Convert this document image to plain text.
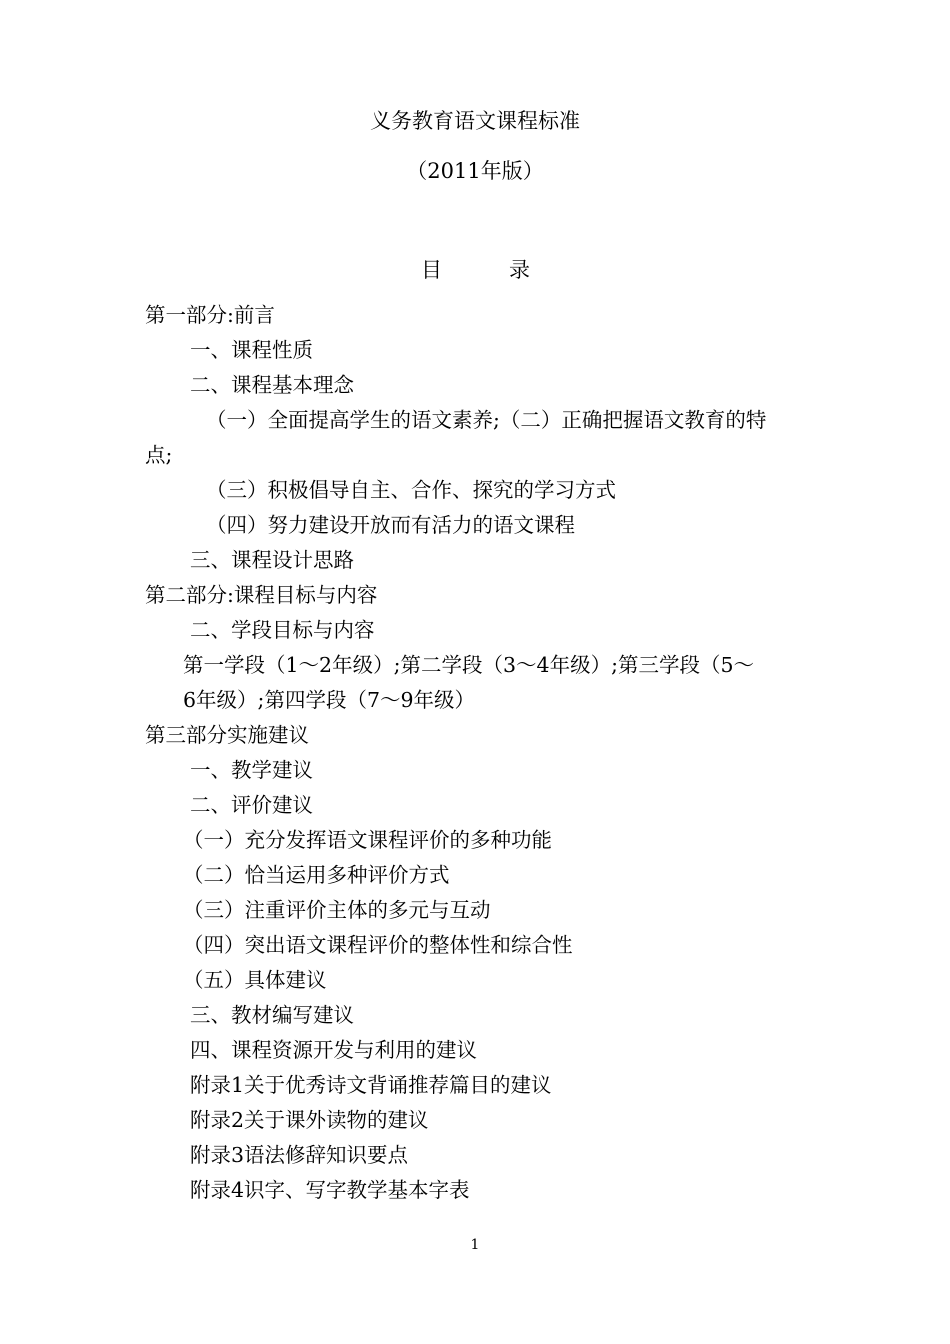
义务教育语文课程标准
（2011年版）
目	录
第一部分:前言
一、课程性质
二、课程基本理念
（一）全面提高学生的语文素养;（二）正确把握语文教育的特
点;
（三）积极倡导自主、合作、探究的学习方式
（四）努力建设开放而有活力的语文课程
三、课程设计思路
第二部分:课程目标与内容
二、学段目标与内容
第一学段（1～2年级）;第二学段（3～4年级）;第三学段（5～
6年级）;第四学段（7～9年级）
第三部分实施建议
一、教学建议
二、评价建议
（一）充分发挥语文课程评价的多种功能
（二）恰当运用多种评价方式
（三）注重评价主体的多元与互动
（四）突出语文课程评价的整体性和综合性
（五）具体建议
三、教材编写建议
四、课程资源开发与利用的建议
附录1关于优秀诗文背诵推荐篇目的建议
附录2关于课外读物的建议
附录3语法修辞知识要点
附录4识字、写字教学基本字表
1
